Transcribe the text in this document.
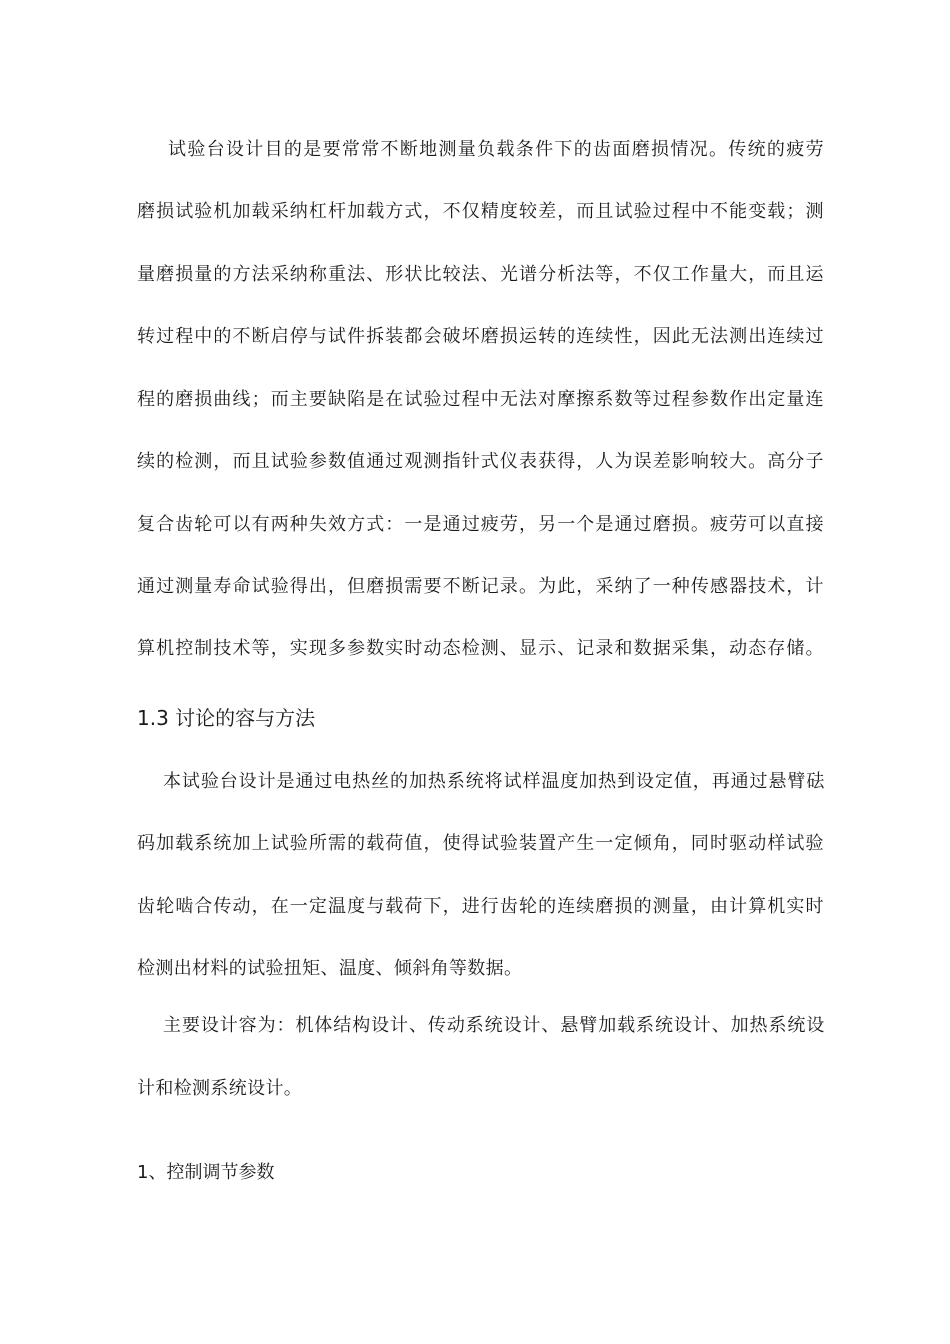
试验台设计目的是要常常不断地测量负载条件下的齿面磨损情况。传统的疲劳
磨损试验机加载采纳杠杆加载方式，不仅精度较差，而且试验过程中不能变载；测
量磨损量的方法采纳称重法、形状比较法、光谱分析法等，不仅工作量大，而且运
转过程中的不断启停与试件拆装都会破坏磨损运转的连续性，因此无法测出连续过
程的磨损曲线；而主要缺陷是在试验过程中无法对摩擦系数等过程参数作出定量连
续的检测，而且试验参数值通过观测指针式仪表获得，人为误差影响较大。高分子
复合齿轮可以有两种失效方式：一是通过疲劳，另一个是通过磨损。疲劳可以直接
通过测量寿命试验得出，但磨损需要不断记录。为此，采纳了一种传感器技术，计
算机控制技术等，实现多参数实时动态检测、显示、记录和数据采集，动态存储。
1.3 讨论的容与方法
本试验台设计是通过电热丝的加热系统将试样温度加热到设定值，再通过悬臂砝
码加载系统加上试验所需的载荷值，使得试验装置产生一定倾角，同时驱动样试验
齿轮啮合传动，在一定温度与载荷下，进行齿轮的连续磨损的测量，由计算机实时
检测出材料的试验扭矩、温度、倾斜角等数据。
主要设计容为：机体结构设计、传动系统设计、悬臂加载系统设计、加热系统设
计和检测系统设计。
1、控制调节参数
